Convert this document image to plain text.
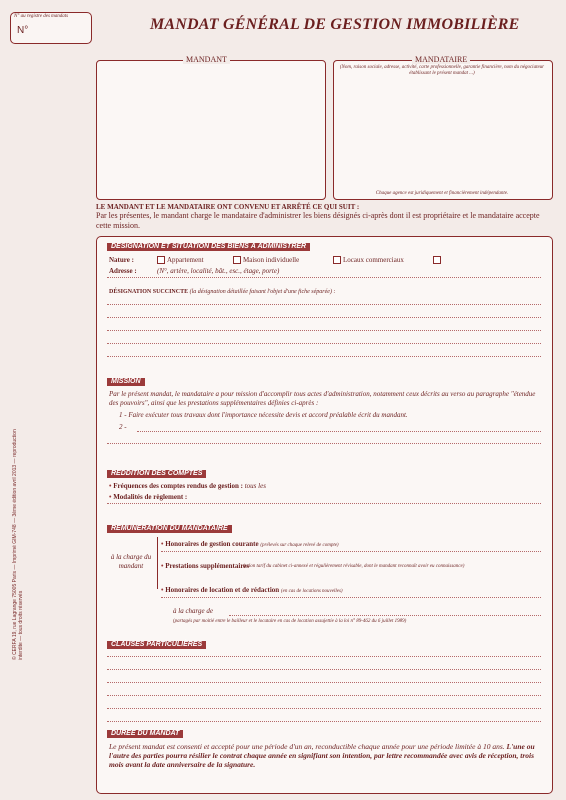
N° au registre des mandats
N°	MANDAT GÉNÉRAL DE GESTION IMMOBILIÈRE
MANDANT	MANDATAIRE
(Nom, raison sociale, adresse, activité, carte professionnelle, garantie financière, nom du négociateur établissant le présent mandat ...)
Chaque agence est juridiquement et financièrement indépendante.
LE MANDANT ET LE MANDATAIRE ONT CONVENU ET ARRÊTÉ CE QUI SUIT :
Par les présentes, le mandant charge le mandataire d'administrer les biens désignés ci-après dont il est propriétaire et le mandataire accepte cette mission.
DÉSIGNATION ET SITUATION DES BIENS À ADMINISTRER
Nature :	Appartement	Maison individuelle	Locaux commerciaux
Adresse :	(N°, artère, localité, bât., esc., étage, porte)
DÉSIGNATION SUCCINCTE (la désignation détaillée faisant l'objet d'une fiche séparée) :
MISSION
Par le présent mandat, le mandataire a pour mission d'accomplir tous actes d'administration, notamment ceux décrits au verso au paragraphe "étendue des pouvoirs", ainsi que les prestations supplémentaires définies ci-après :
1 - Faire exécuter tous travaux dont l'importance nécessite devis et accord préalable écrit du mandant.
2 -
REDDITION DES COMPTES
• Fréquences des comptes rendus de gestion : tous les
• Modalités de règlement :
RÉMUNÉRATION DU MANDATAIRE
à la charge du mandant
• Honoraires de gestion courante (prélevés sur chaque relevé de compte)
• Prestations supplémentaires
(selon tarif du cabinet ci-annexé et régulièrement révisable, dont le mandant reconnaît avoir eu connaissance)
• Honoraires de location et de rédaction (en cas de locations nouvelles)
à la charge de
(partagés par moitié entre le bailleur et le locataire en cas de location assujettie à la loi n° 89-462 du 6 juillet 1989)
CLAUSES PARTICULIÈRES
DURÉE DU MANDAT
Le présent mandat est consenti et accepté pour une période d'un an, reconductible chaque année pour une période limitée à 10 ans. L'une ou l'autre des parties pourra résilier le contrat chaque année en signifiant son intention, par lettre recommandée avec avis de réception, trois mois avant la date anniversaire de la signature.
© CERFA 19, rue Lagrange 75005 Paris — Imprimé GIM-748 — 3ème édition avril 2013 — reproduction interdite — tous droits réservés
